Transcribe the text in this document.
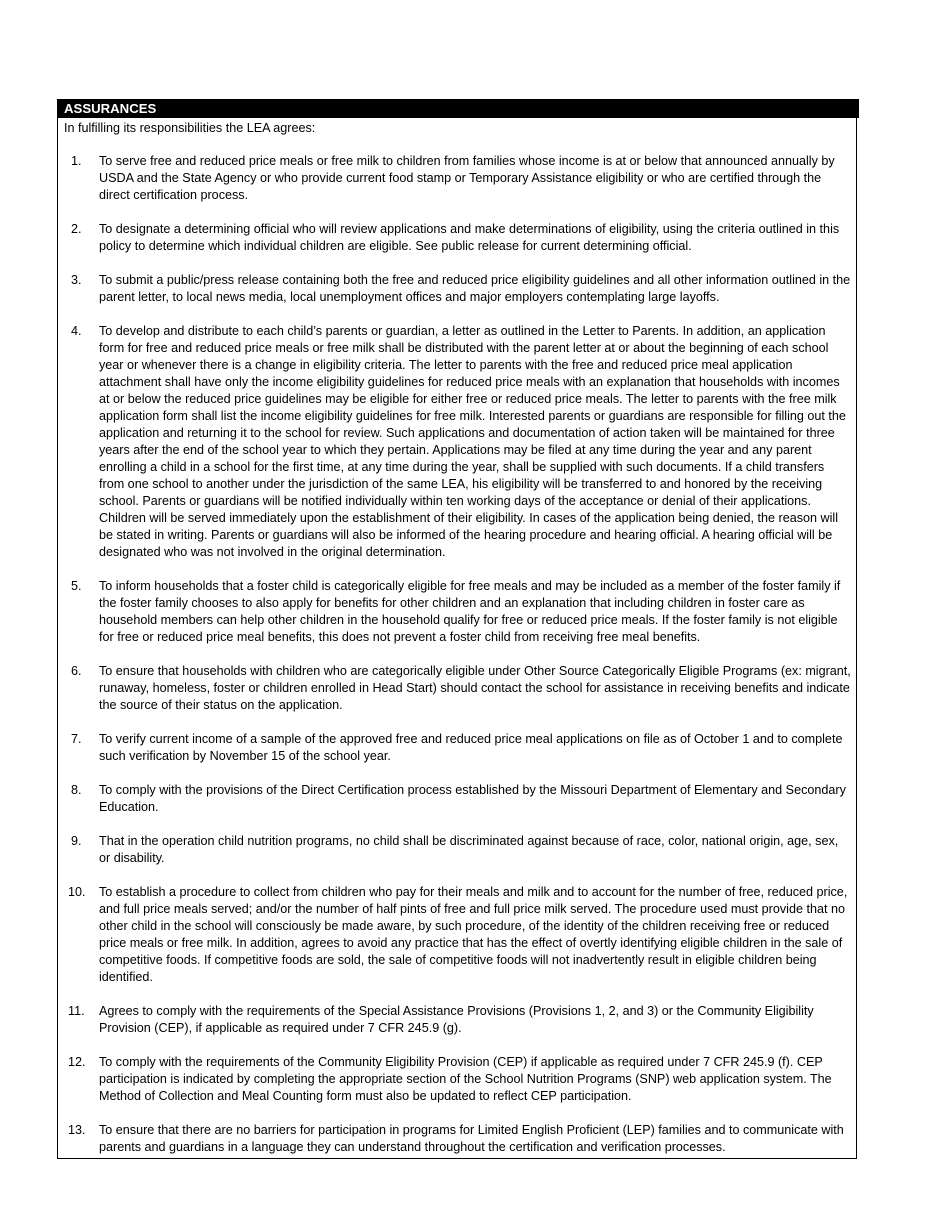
ASSURANCES
In fulfilling its responsibilities the LEA agrees:
1. To serve free and reduced price meals or free milk to children from families whose income is at or below that announced annually by USDA and the State Agency or who provide current food stamp or Temporary Assistance eligibility or who are certified through the direct certification process.
2. To designate a determining official who will review applications and make determinations of eligibility, using the criteria outlined in this policy to determine which individual children are eligible. See public release for current determining official.
3. To submit a public/press release containing both the free and reduced price eligibility guidelines and all other information outlined in the parent letter, to local news media, local unemployment offices and major employers contemplating large layoffs.
4. To develop and distribute to each child’s parents or guardian, a letter as outlined in the Letter to Parents. In addition, an application form for free and reduced price meals or free milk shall be distributed with the parent letter at or about the beginning of each school year or whenever there is a change in eligibility criteria. The letter to parents with the free and reduced price meal application attachment shall have only the income eligibility guidelines for reduced price meals with an explanation that households with incomes at or below the reduced price guidelines may be eligible for either free or reduced price meals. The letter to parents with the free milk application form shall list the income eligibility guidelines for free milk. Interested parents or guardians are responsible for filling out the application and returning it to the school for review. Such applications and documentation of action taken will be maintained for three years after the end of the school year to which they pertain. Applications may be filed at any time during the year and any parent enrolling a child in a school for the first time, at any time during the year, shall be supplied with such documents. If a child transfers from one school to another under the jurisdiction of the same LEA, his eligibility will be transferred to and honored by the receiving school. Parents or guardians will be notified individually within ten working days of the acceptance or denial of their applications. Children will be served immediately upon the establishment of their eligibility. In cases of the application being denied, the reason will be stated in writing. Parents or guardians will also be informed of the hearing procedure and hearing official. A hearing official will be designated who was not involved in the original determination.
5. To inform households that a foster child is categorically eligible for free meals and may be included as a member of the foster family if the foster family chooses to also apply for benefits for other children and an explanation that including children in foster care as household members can help other children in the household qualify for free or reduced price meals. If the foster family is not eligible for free or reduced price meal benefits, this does not prevent a foster child from receiving free meal benefits.
6. To ensure that households with children who are categorically eligible under Other Source Categorically Eligible Programs (ex: migrant, runaway, homeless, foster or children enrolled in Head Start) should contact the school for assistance in receiving benefits and indicate the source of their status on the application.
7. To verify current income of a sample of the approved free and reduced price meal applications on file as of October 1 and to complete such verification by November 15 of the school year.
8. To comply with the provisions of the Direct Certification process established by the Missouri Department of Elementary and Secondary Education.
9. That in the operation child nutrition programs, no child shall be discriminated against because of race, color, national origin, age, sex, or disability.
10. To establish a procedure to collect from children who pay for their meals and milk and to account for the number of free, reduced price, and full price meals served; and/or the number of half pints of free and full price milk served. The procedure used must provide that no other child in the school will consciously be made aware, by such procedure, of the identity of the children receiving free or reduced price meals or free milk. In addition, agrees to avoid any practice that has the effect of overtly identifying eligible children in the sale of competitive foods. If competitive foods are sold, the sale of competitive foods will not inadvertently result in eligible children being identified.
11. Agrees to comply with the requirements of the Special Assistance Provisions (Provisions 1, 2, and 3) or the Community Eligibility Provision (CEP), if applicable as required under 7 CFR 245.9 (g).
12. To comply with the requirements of the Community Eligibility Provision (CEP) if applicable as required under 7 CFR 245.9 (f). CEP participation is indicated by completing the appropriate section of the School Nutrition Programs (SNP) web application system. The Method of Collection and Meal Counting form must also be updated to reflect CEP participation.
13. To ensure that there are no barriers for participation in programs for Limited English Proficient (LEP) families and to communicate with parents and guardians in a language they can understand throughout the certification and verification processes.
